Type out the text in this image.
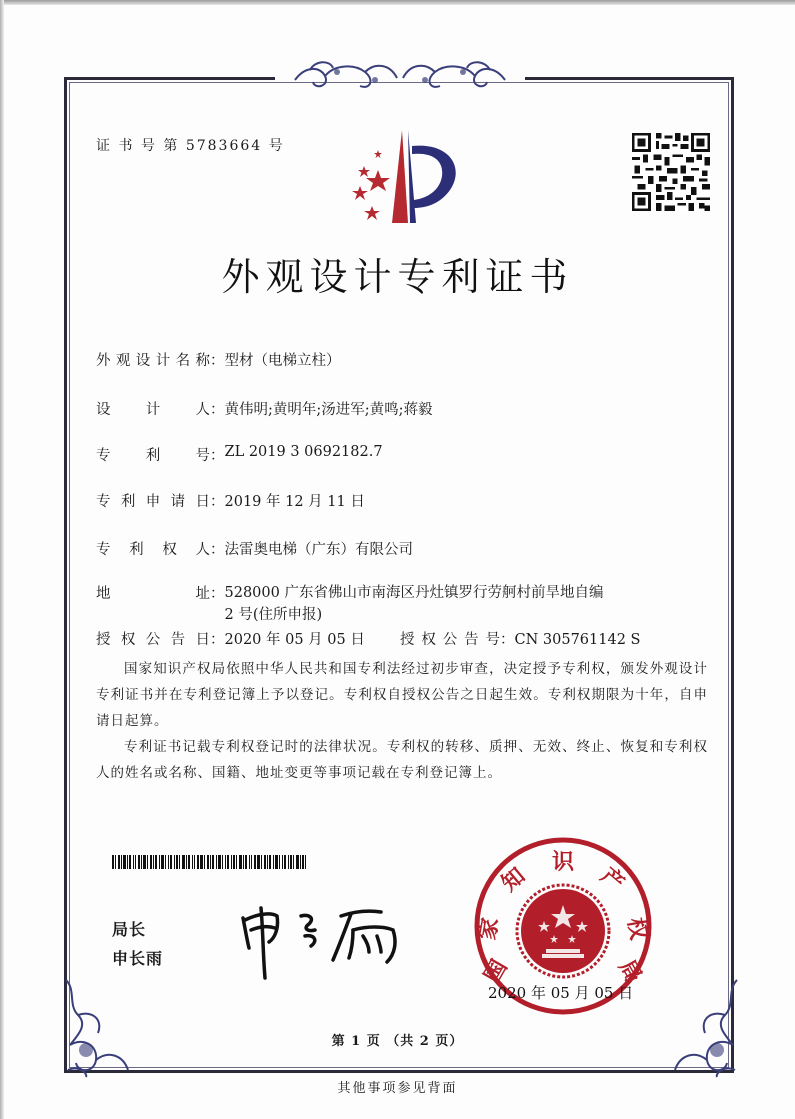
证 书 号 第 5783664 号
外观设计专利证书
外观设计名称：型材（电梯立柱）
设计人：黄伟明;黄明年;汤进军;黄鸣;蒋毅
专利号：ZL 2019 3 0692182.7
专利申请日：2019 年 12 月 11 日
专利权人：法雷奥电梯（广东）有限公司
地址：528000 广东省佛山市南海区丹灶镇罗行劳舸村前旱地自编 2 号(住所申报)
授权公告日：2020 年 05 月 05 日 授权公告号：CN 305761142 S

国家知识产权局依照中华人民共和国专利法经过初步审查，决定授予专利权，颁发外观设计专利证书并在专利登记簿上予以登记。专利权自授权公告之日起生效。专利权期限为十年，自申请日起算。

专利证书记载专利权登记时的法律状况。专利权的转移、质押、无效、终止、恢复和专利权人的姓名或名称、国籍、地址变更等事项记载在专利登记簿上。

局长
申长雨	国
家
知
识
产
权
局
2020 年 05 月 05 日
第 1 页 （共 2 页）
其他事项参见背面
